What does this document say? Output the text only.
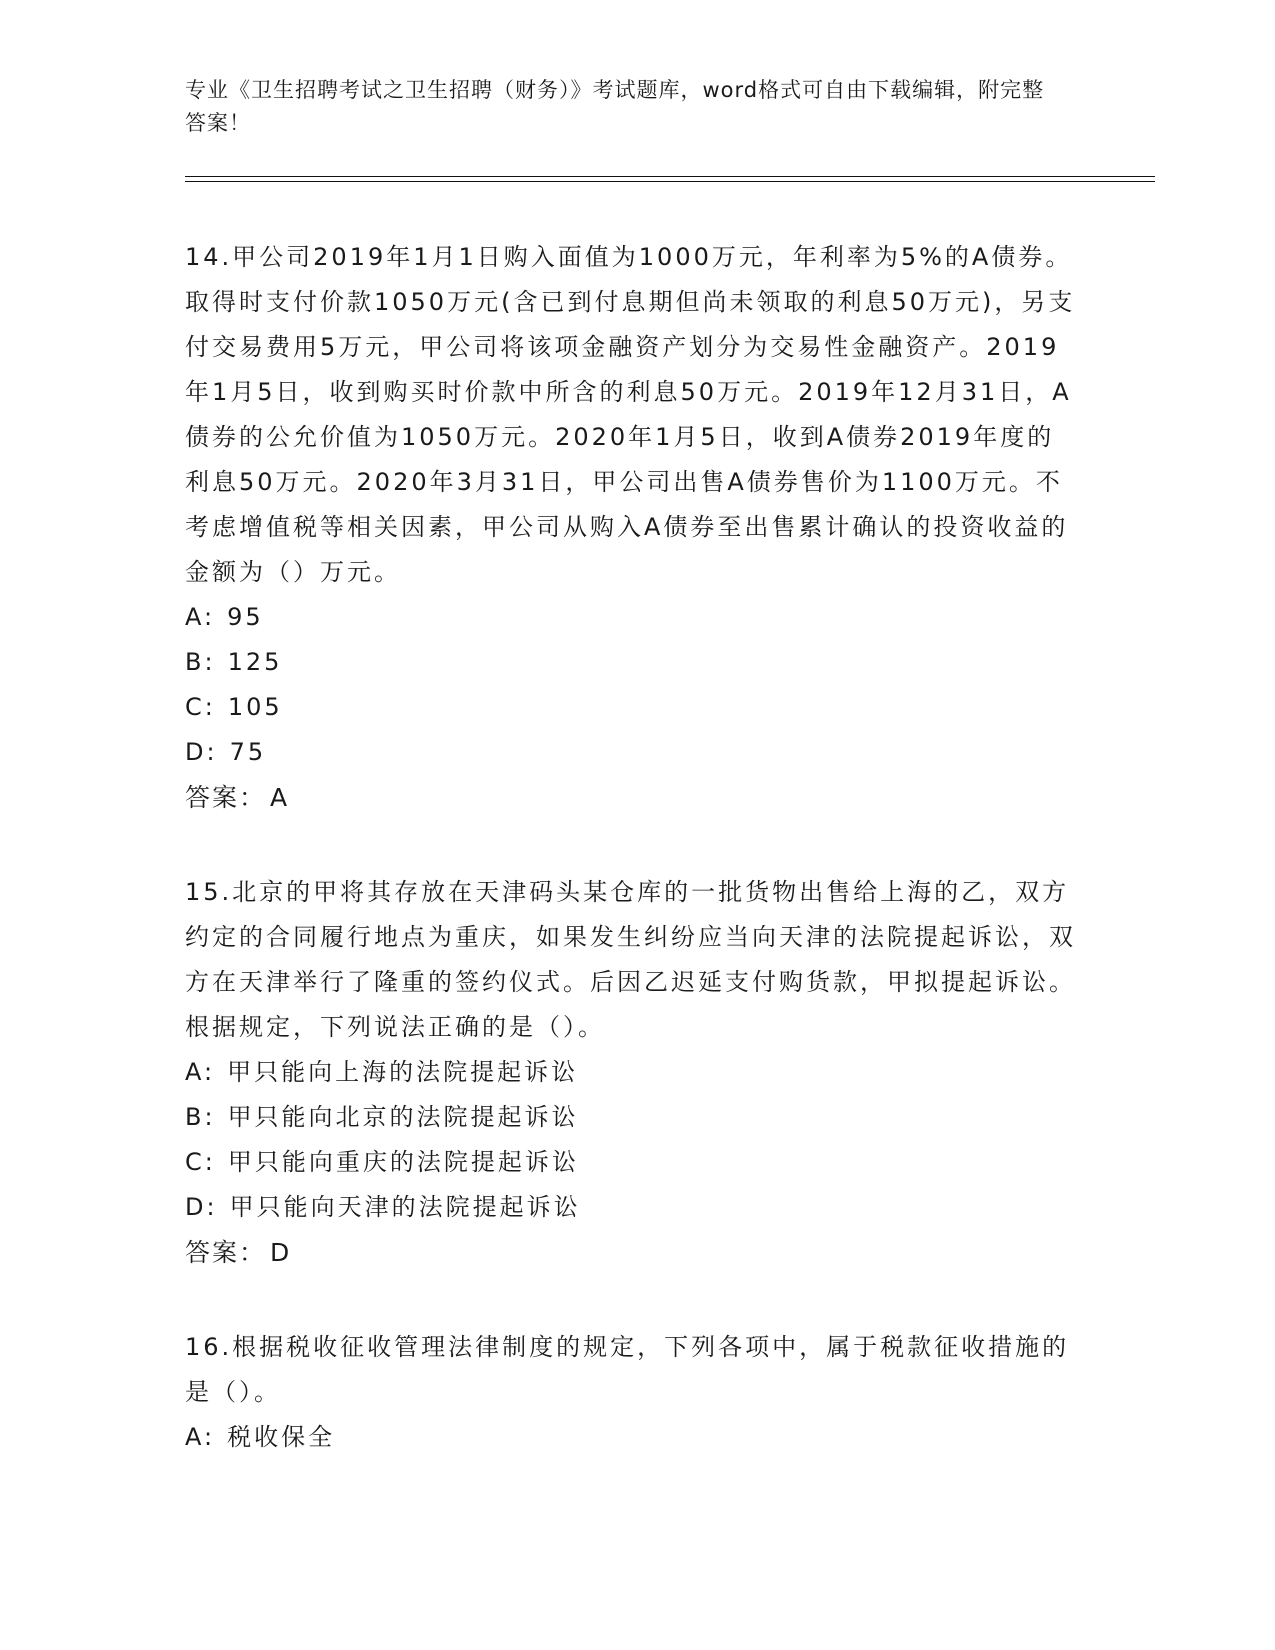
专业《卫生招聘考试之卫生招聘（财务）》考试题库，word格式可自由下载编辑，附完整答案！
14.甲公司2019年1月1日购入面值为1000万元，年利率为5%的A债券。取得时支付价款1050万元(含已到付息期但尚未领取的利息50万元)，另支付交易费用5万元，甲公司将该项金融资产划分为交易性金融资产。2019年1月5日，收到购买时价款中所含的利息50万元。2019年12月31日，A债券的公允价值为1050万元。2020年1月5日，收到A债券2019年度的利息50万元。2020年3月31日，甲公司出售A债券售价为1100万元。不考虑增值税等相关因素，甲公司从购入A债券至出售累计确认的投资收益的金额为（）万元。
A: 95
B: 125
C: 105
D: 75
答案： A
15.北京的甲将其存放在天津码头某仓库的一批货物出售给上海的乙，双方约定的合同履行地点为重庆，如果发生纠纷应当向天津的法院提起诉讼，双方在天津举行了隆重的签约仪式。后因乙迟延支付购货款，甲拟提起诉讼。根据规定，下列说法正确的是（）。
A: 甲只能向上海的法院提起诉讼
B: 甲只能向北京的法院提起诉讼
C: 甲只能向重庆的法院提起诉讼
D: 甲只能向天津的法院提起诉讼
答案： D
16.根据税收征收管理法律制度的规定，下列各项中，属于税款征收措施的是（）。
A: 税收保全
